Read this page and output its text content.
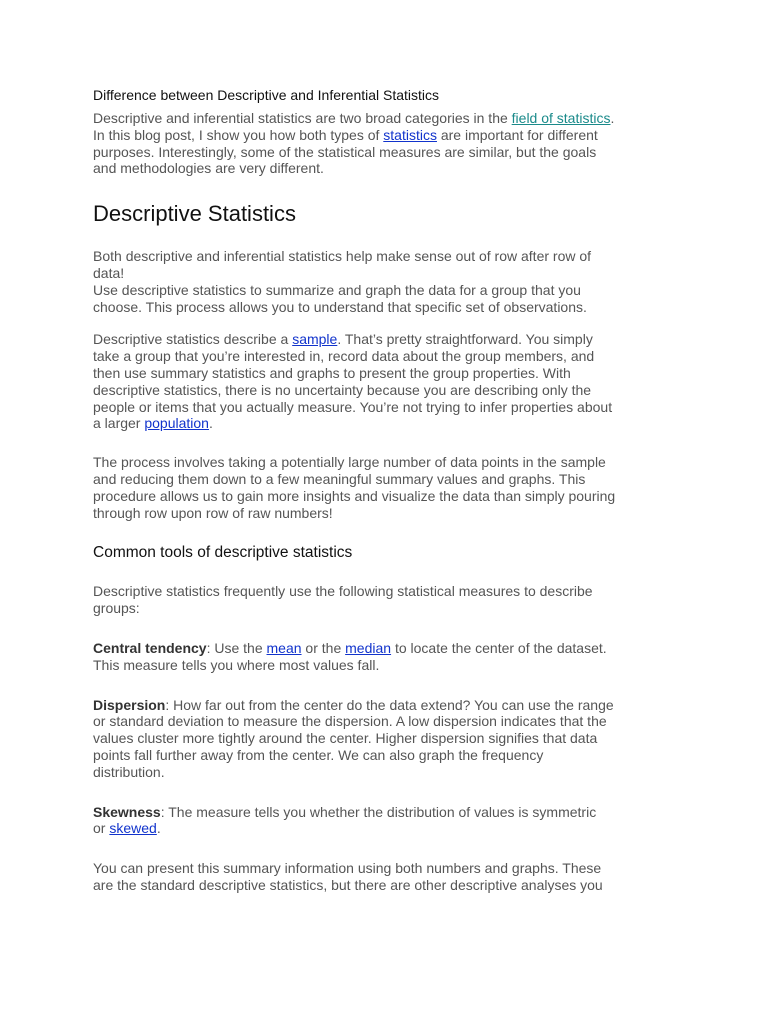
Difference between Descriptive and Inferential Statistics
Descriptive and inferential statistics are two broad categories in the field of statistics.
In this blog post, I show you how both types of statistics are important for different
purposes. Interestingly, some of the statistical measures are similar, but the goals
and methodologies are very different.
Descriptive Statistics
Both descriptive and inferential statistics help make sense out of row after row of
data!
Use descriptive statistics to summarize and graph the data for a group that you
choose. This process allows you to understand that specific set of observations.
Descriptive statistics describe a sample. That’s pretty straightforward. You simply
take a group that you’re interested in, record data about the group members, and
then use summary statistics and graphs to present the group properties. With
descriptive statistics, there is no uncertainty because you are describing only the
people or items that you actually measure. You’re not trying to infer properties about
a larger population.
The process involves taking a potentially large number of data points in the sample
and reducing them down to a few meaningful summary values and graphs. This
procedure allows us to gain more insights and visualize the data than simply pouring
through row upon row of raw numbers!
Common tools of descriptive statistics
Descriptive statistics frequently use the following statistical measures to describe
groups:
Central tendency: Use the mean or the median to locate the center of the dataset.
This measure tells you where most values fall.
Dispersion: How far out from the center do the data extend? You can use the range
or standard deviation to measure the dispersion. A low dispersion indicates that the
values cluster more tightly around the center. Higher dispersion signifies that data
points fall further away from the center. We can also graph the frequency
distribution.
Skewness: The measure tells you whether the distribution of values is symmetric
or skewed.
You can present this summary information using both numbers and graphs. These
are the standard descriptive statistics, but there are other descriptive analyses you
